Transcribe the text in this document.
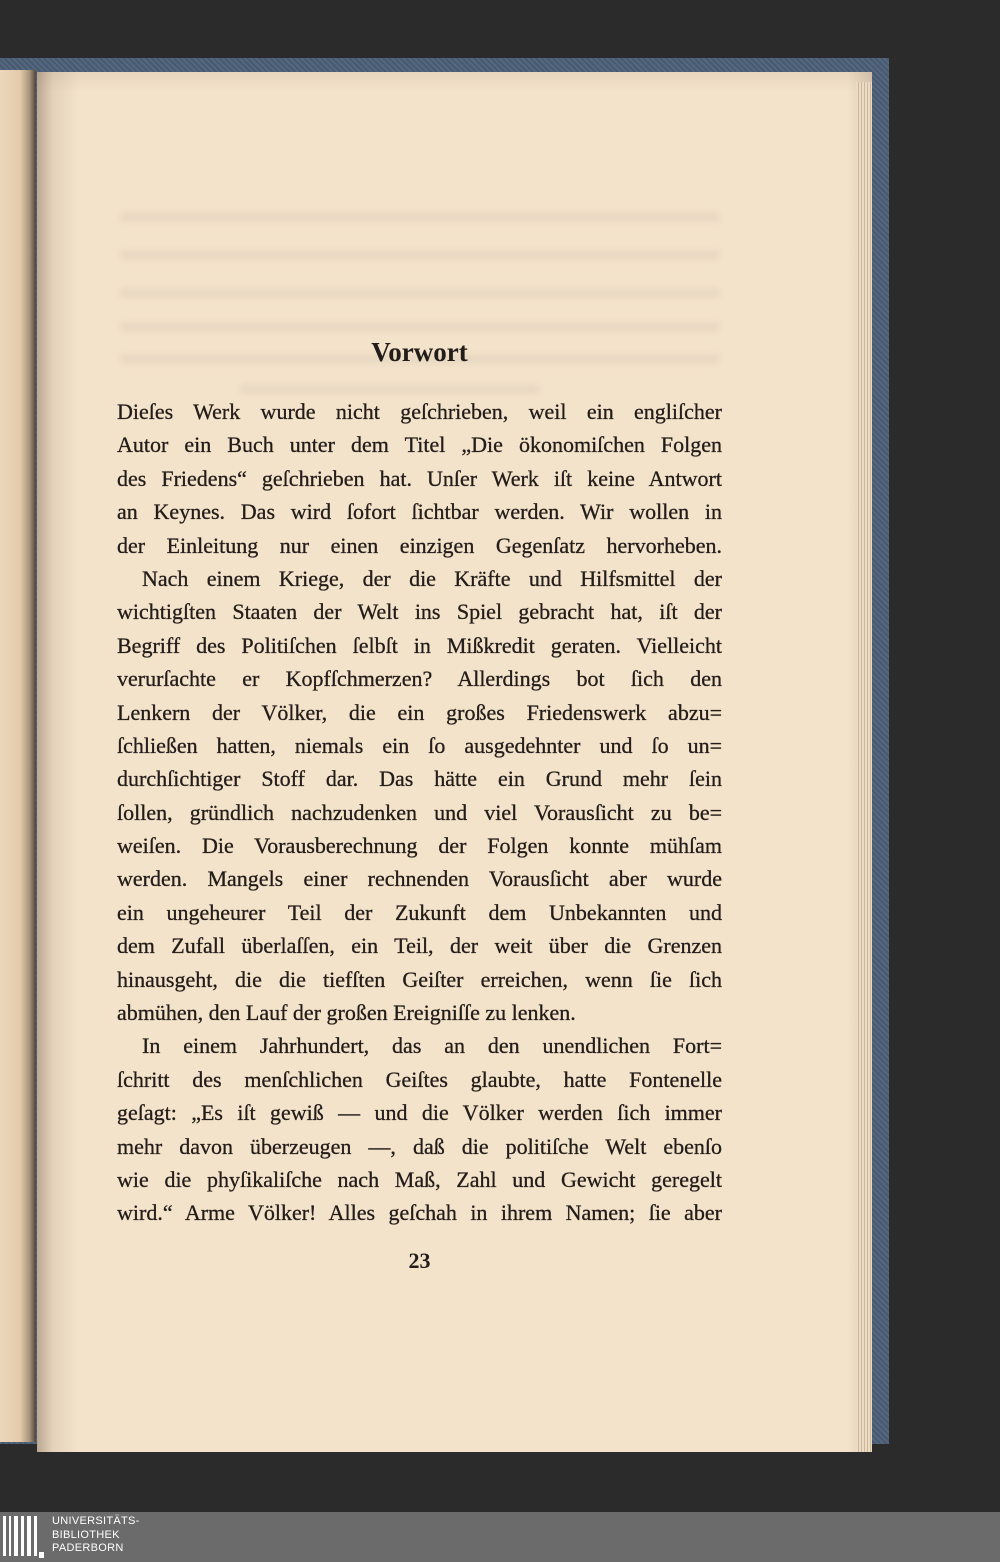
Vorwort
Dieſes Werk wurde nicht geſchrieben, weil ein engliſcher
Autor ein Buch unter dem Titel „Die ökonomiſchen Folgen
des Friedens“ geſchrieben hat. Unſer Werk iſt keine Antwort
an Keynes. Das wird ſofort ſichtbar werden. Wir wollen in
der Einleitung nur einen einzigen Gegenſatz hervorheben.
Nach einem Kriege, der die Kräfte und Hilfsmittel der
wichtigſten Staaten der Welt ins Spiel gebracht hat, iſt der
Begriff des Politiſchen ſelbſt in Mißkredit geraten. Vielleicht
verurſachte er Kopfſchmerzen? Allerdings bot ſich den
Lenkern der Völker, die ein großes Friedenswerk abzu=
ſchließen hatten, niemals ein ſo ausgedehnter und ſo un=
durchſichtiger Stoff dar. Das hätte ein Grund mehr ſein
ſollen, gründlich nachzudenken und viel Vorausſicht zu be=
weiſen. Die Vorausberechnung der Folgen konnte mühſam
werden. Mangels einer rechnenden Vorausſicht aber wurde
ein ungeheurer Teil der Zukunft dem Unbekannten und
dem Zufall überlaſſen, ein Teil, der weit über die Grenzen
hinausgeht, die die tiefſten Geiſter erreichen, wenn ſie ſich
abmühen, den Lauf der großen Ereigniſſe zu lenken.
In einem Jahrhundert, das an den unendlichen Fort=
ſchritt des menſchlichen Geiſtes glaubte, hatte Fontenelle
geſagt: „Es iſt gewiß — und die Völker werden ſich immer
mehr davon überzeugen —, daß die politiſche Welt ebenſo
wie die phyſikaliſche nach Maß, Zahl und Gewicht geregelt
wird.“ Arme Völker! Alles geſchah in ihrem Namen; ſie aber
23
UNIVERSITÄTS-
BIBLIOTHEK
PADERBORN
